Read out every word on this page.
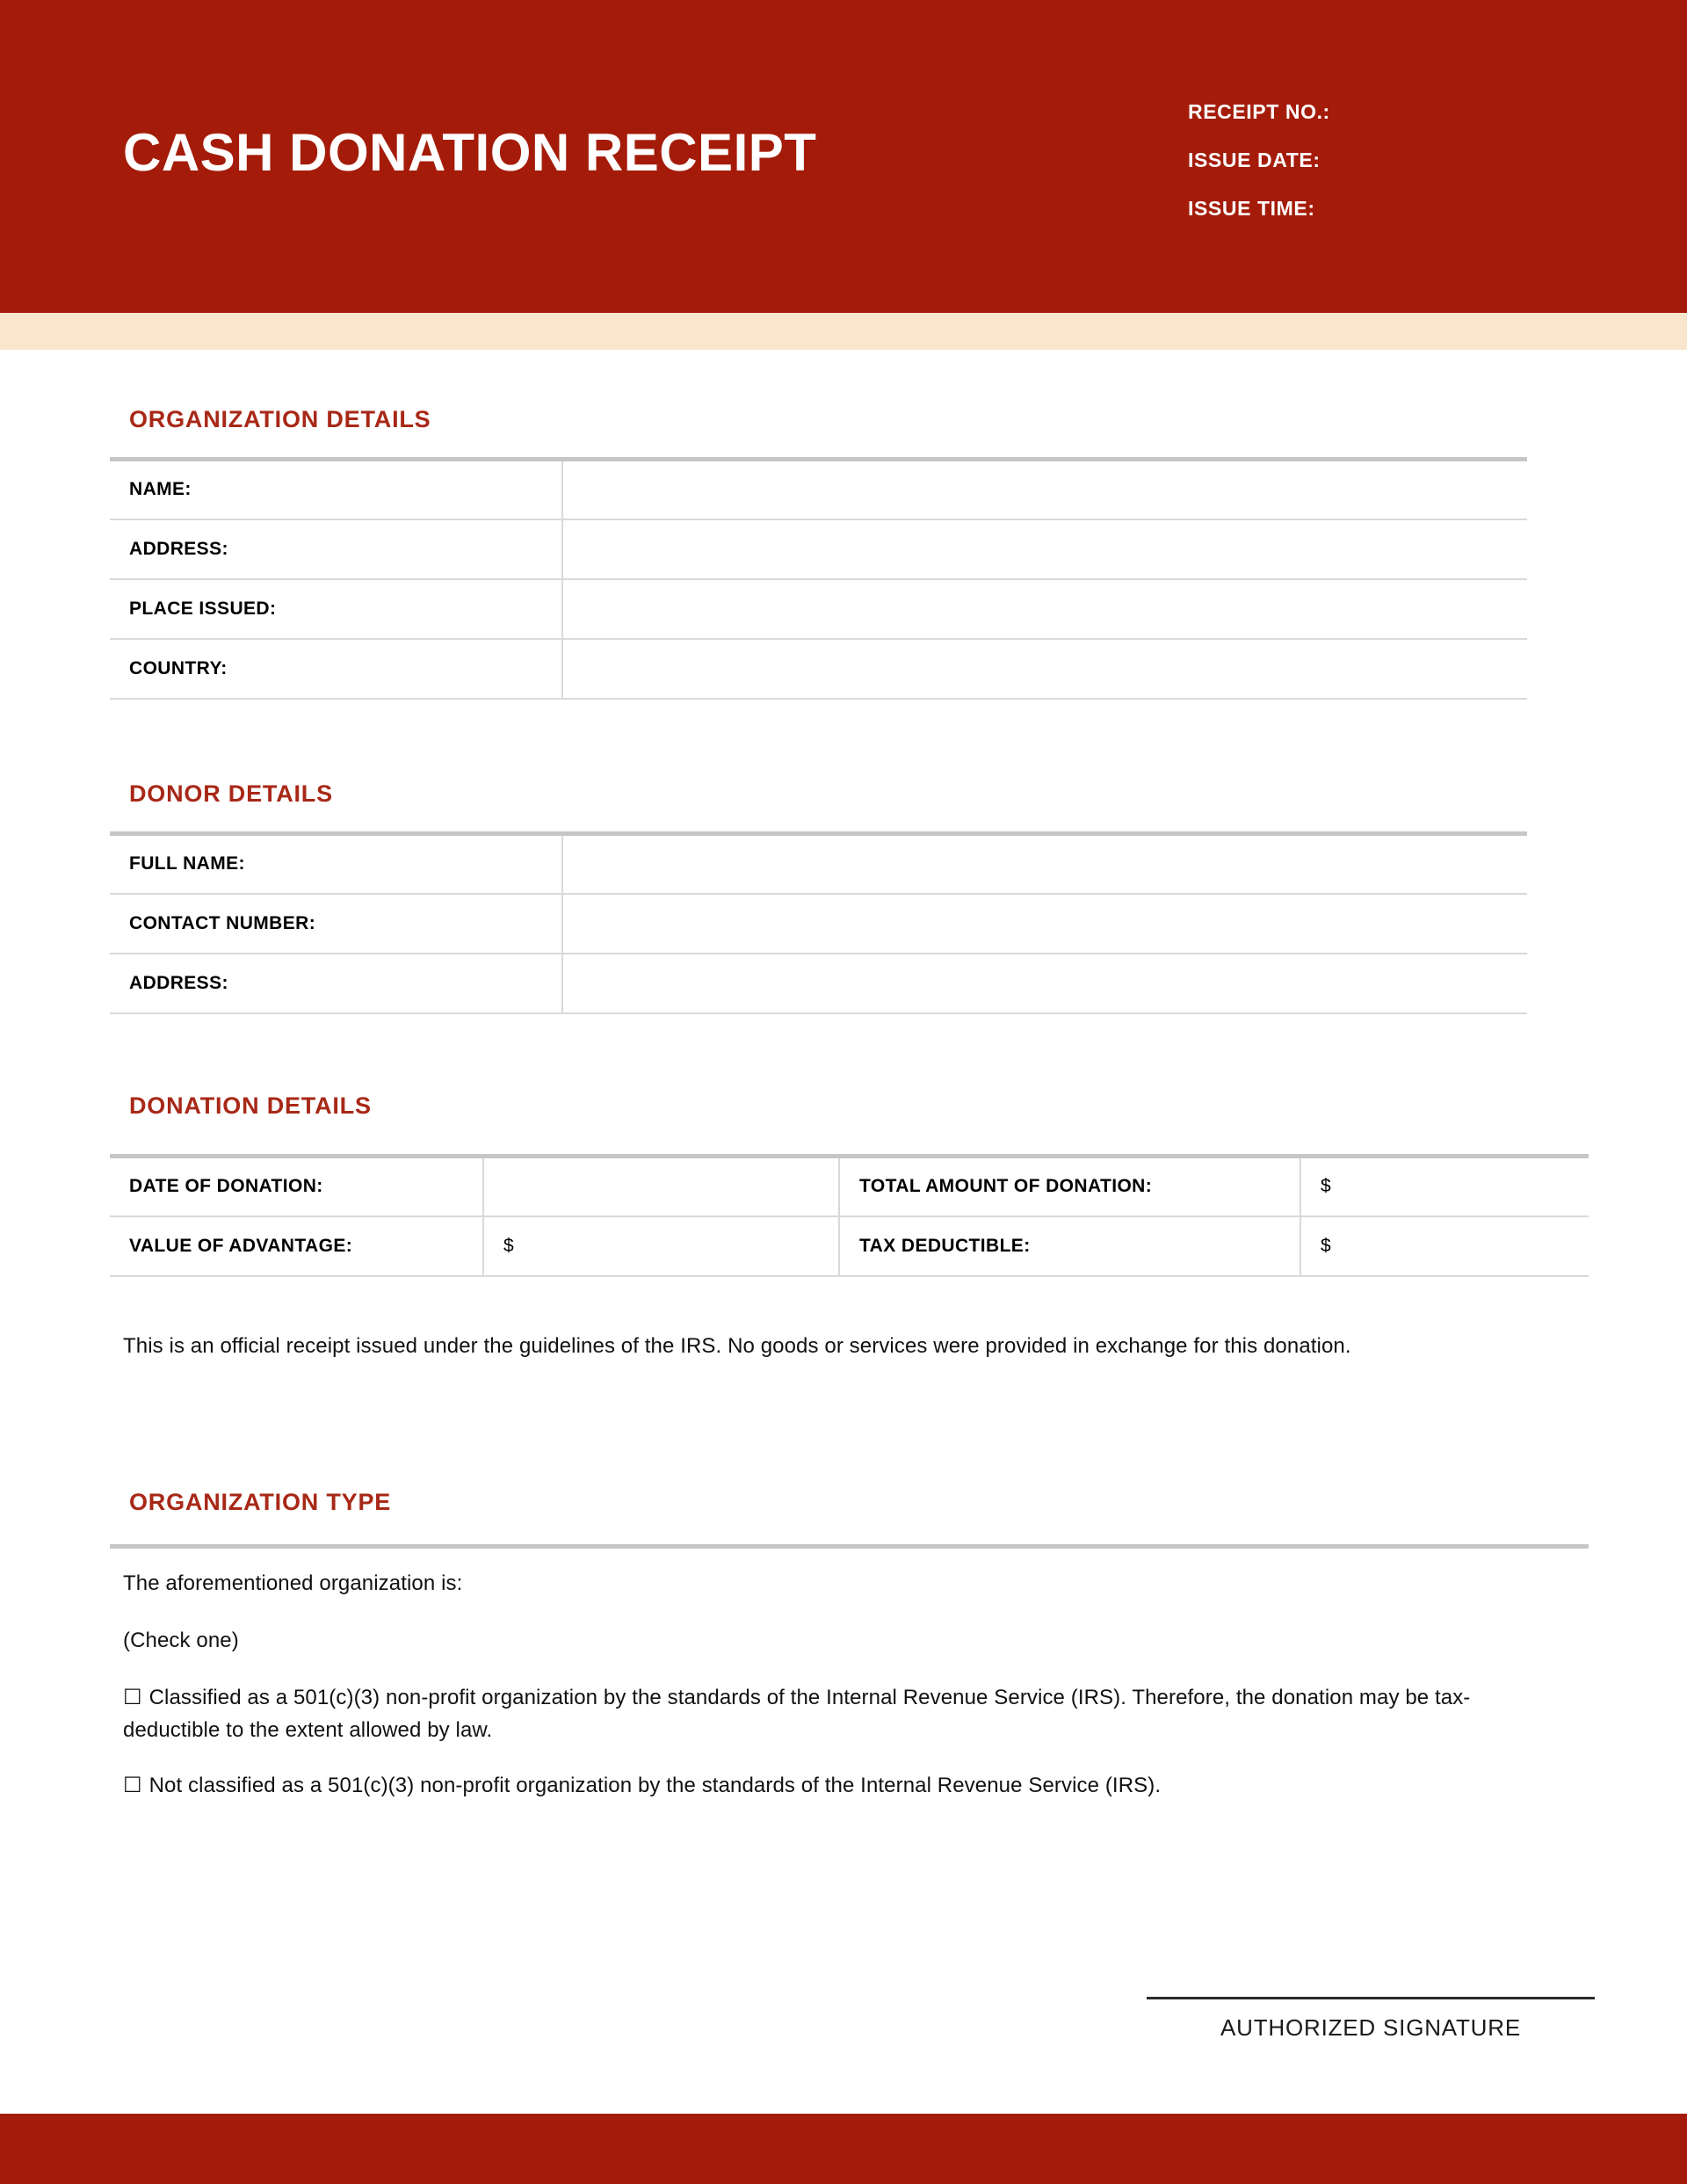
CASH DONATION RECEIPT
RECEIPT NO.:
ISSUE DATE:
ISSUE TIME:
ORGANIZATION DETAILS
NAME:	
ADDRESS:	
PLACE ISSUED:	
COUNTRY:	
DONOR DETAILS
FULL NAME:	
CONTACT NUMBER:	
ADDRESS:	
DONATION DETAILS
DATE OF DONATION:		TOTAL AMOUNT OF DONATION:	$
VALUE OF ADVANTAGE:	$	TAX DEDUCTIBLE:	$
This is an official receipt issued under the guidelines of the IRS. No goods or services were provided in exchange for this donation.
ORGANIZATION TYPE
The aforementioned organization is:
(Check one)
☐ Classified as a 501(c)(3) non-profit organization by the standards of the Internal Revenue Service (IRS). Therefore, the donation may be tax-deductible to the extent allowed by law.
☐ Not classified as a 501(c)(3) non-profit organization by the standards of the Internal Revenue Service (IRS).
AUTHORIZED SIGNATURE
